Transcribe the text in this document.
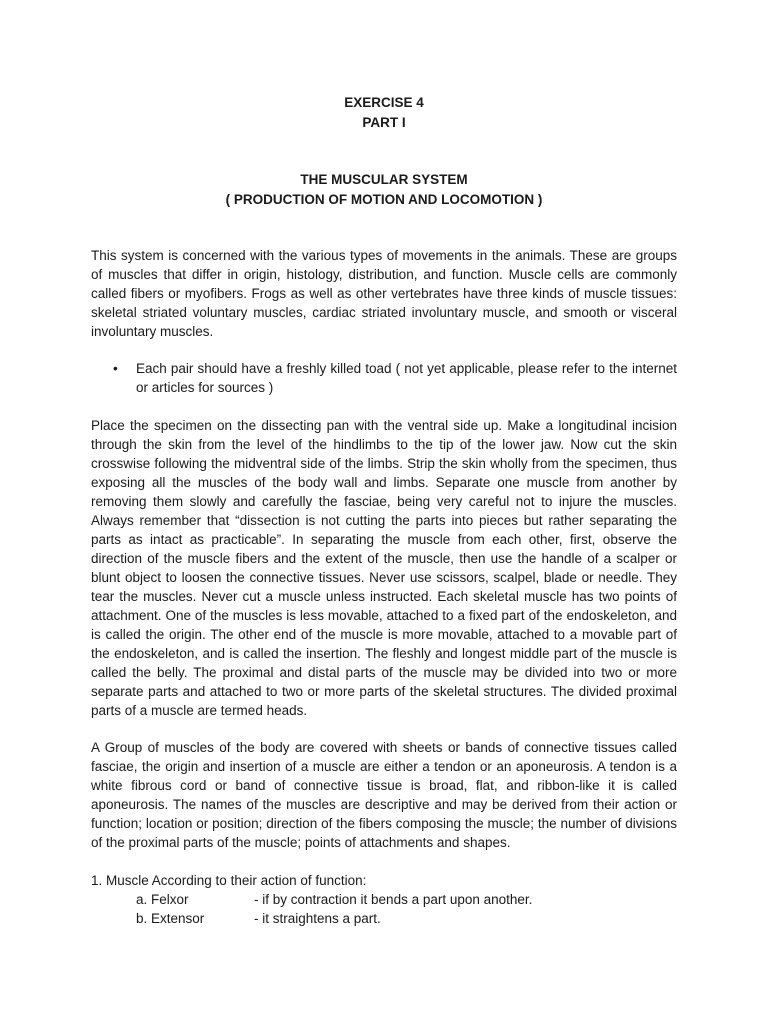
EXERCISE 4
PART I
THE MUSCULAR SYSTEM
( PRODUCTION OF MOTION AND LOCOMOTION )

This system is concerned with the various types of movements in the animals. These are groups of muscles that differ in origin, histology, distribution, and function. Muscle cells are commonly called fibers or myofibers. Frogs as well as other vertebrates have three kinds of muscle tissues: skeletal striated voluntary muscles, cardiac striated involuntary muscle, and smooth or visceral involuntary muscles.

• Each pair should have a freshly killed toad ( not yet applicable, please refer to the internet or articles for sources )

Place the specimen on the dissecting pan with the ventral side up. Make a longitudinal incision through the skin from the level of the hindlimbs to the tip of the lower jaw. Now cut the skin crosswise following the midventral side of the limbs. Strip the skin wholly from the specimen, thus exposing all the muscles of the body wall and limbs. Separate one muscle from another by removing them slowly and carefully the fasciae, being very careful not to injure the muscles. Always remember that “dissection is not cutting the parts into pieces but rather separating the parts as intact as practicable”. In separating the muscle from each other, first, observe the direction of the muscle fibers and the extent of the muscle, then use the handle of a scalper or blunt object to loosen the connective tissues. Never use scissors, scalpel, blade or needle. They tear the muscles. Never cut a muscle unless instructed. Each skeletal muscle has two points of attachment. One of the muscles is less movable, attached to a fixed part of the endoskeleton, and is called the origin. The other end of the muscle is more movable, attached to a movable part of the endoskeleton, and is called the insertion. The fleshly and longest middle part of the muscle is called the belly. The proximal and distal parts of the muscle may be divided into two or more separate parts and attached to two or more parts of the skeletal structures. The divided proximal parts of a muscle are termed heads.

A Group of muscles of the body are covered with sheets or bands of connective tissues called fasciae, the origin and insertion of a muscle are either a tendon or an aponeurosis. A tendon is a white fibrous cord or band of connective tissue is broad, flat, and ribbon-like it is called aponeurosis. The names of the muscles are descriptive and may be derived from their action or function; location or position; direction of the fibers composing the muscle; the number of divisions of the proximal parts of the muscle; points of attachments and shapes.

1. Muscle According to their action of function:
a. Felxor	- if by contraction it bends a part upon another.
b. Extensor	- it straightens a part.
